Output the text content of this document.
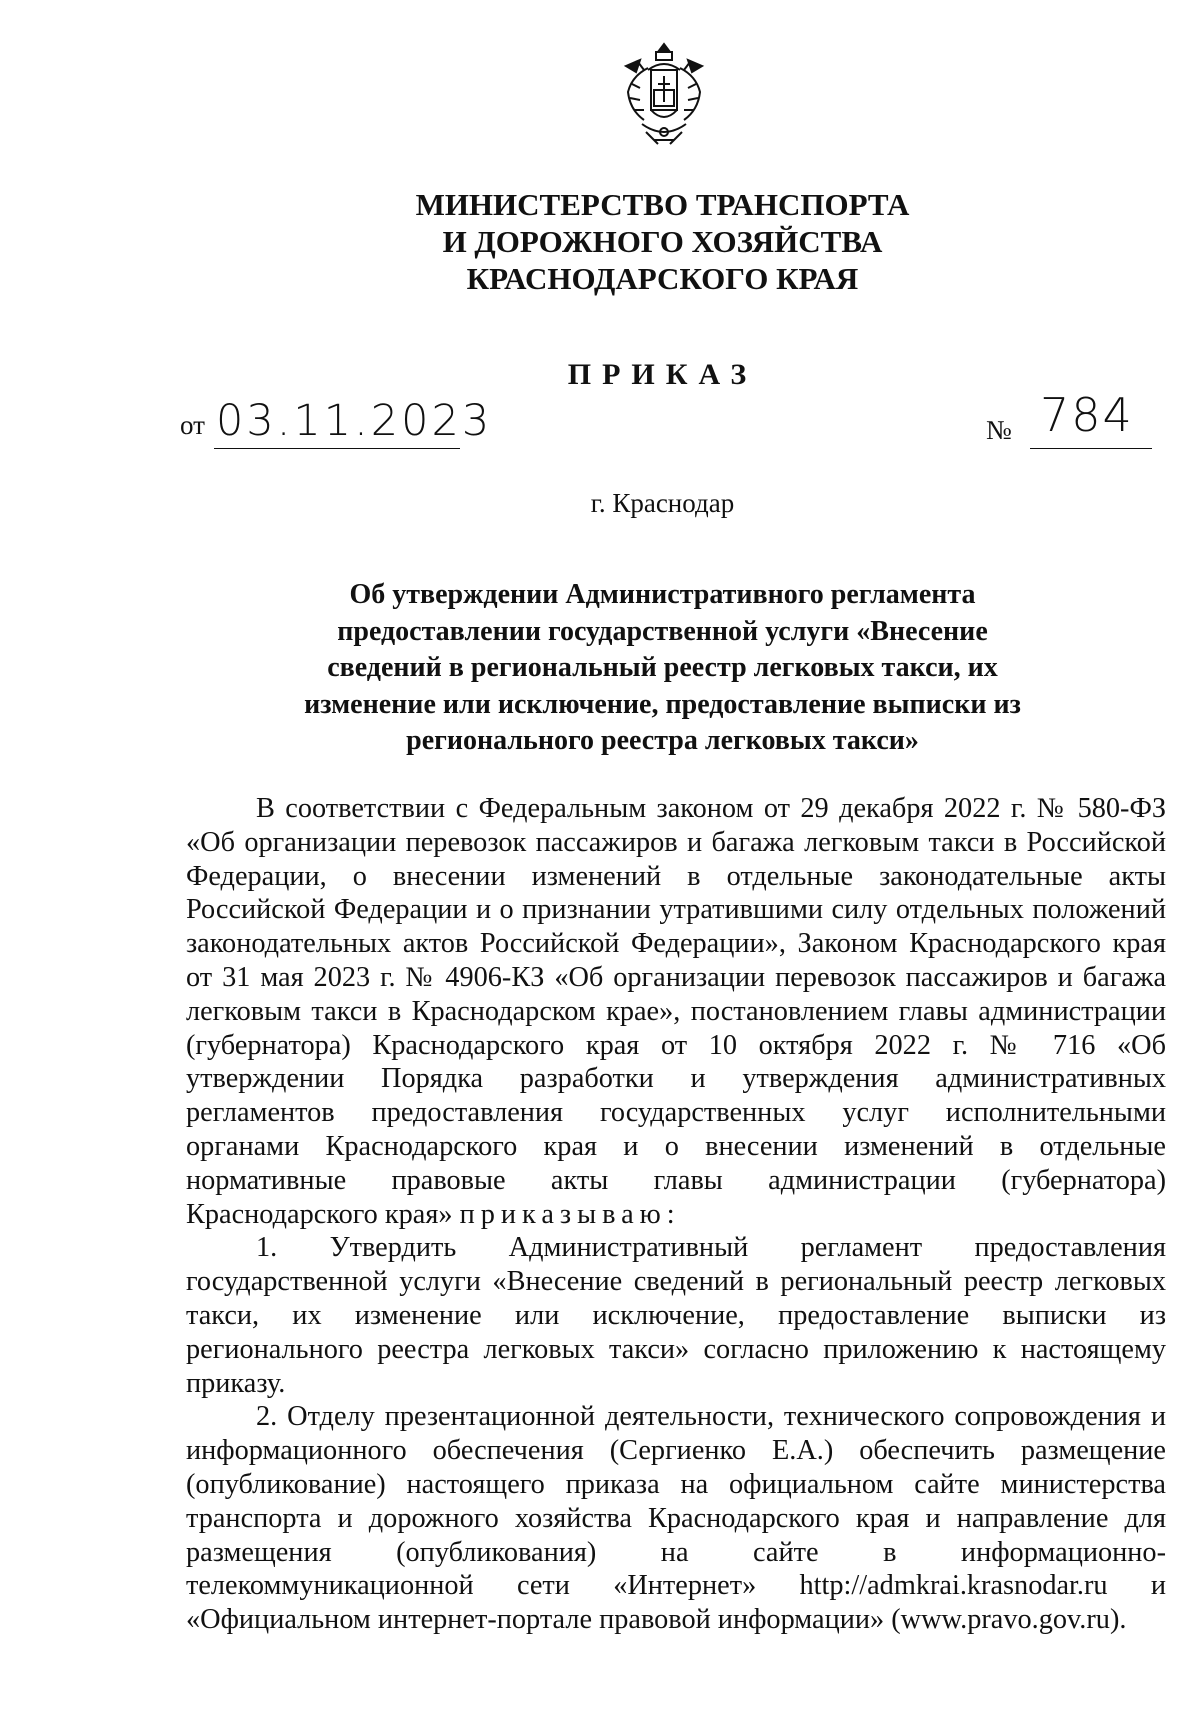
МИНИСТЕРСТВО ТРАНСПОРТА
И ДОРОЖНОГО ХОЗЯЙСТВА
КРАСНОДАРСКОГО КРАЯ
ПРИКАЗ
от 03.11.2023	№ 784
г. Краснодар
Об утверждении Административного регламента
предоставлении государственной услуги «Внесение
сведений в региональный реестр легковых такси, их
изменение или исключение, предоставление выписки из
регионального реестра легковых такси»

В соответствии с Федеральным законом от 29 декабря 2022 г. № 580-ФЗ «Об организации перевозок пассажиров и багажа легковым такси в Российской Федерации, о внесении изменений в отдельные законодательные акты Российской Федерации и о признании утратившими силу отдельных положений законодательных актов Российской Федерации», Законом Краснодарского края от 31 мая 2023 г. № 4906-КЗ «Об организации перевозок пассажиров и багажа легковым такси в Краснодарском крае», постановлением главы администрации (губернатора) Краснодарского края от 10 октября 2022 г. № 716 «Об утверждении Порядка разработки и утверждения административных регламентов предоставления государственных услуг исполнительными органами Краснодарского края и о внесении изменений в отдельные нормативные правовые акты главы администрации (губернатора) Краснодарского края» приказываю:

1. Утвердить Административный регламент предоставления государственной услуги «Внесение сведений в региональный реестр легковых такси, их изменение или исключение, предоставление выписки из регионального реестра легковых такси» согласно приложению к настоящему приказу.

2. Отделу презентационной деятельности, технического сопровождения и информационного обеспечения (Сергиенко Е.А.) обеспечить размещение (опубликование) настоящего приказа на официальном сайте министерства транспорта и дорожного хозяйства Краснодарского края и направление для размещения (опубликования) на сайте в информационно-телекоммуникационной сети «Интернет» http://admkrai.krasnodar.ru и «Официальном интернет-портале правовой информации» (www.pravo.gov.ru).
